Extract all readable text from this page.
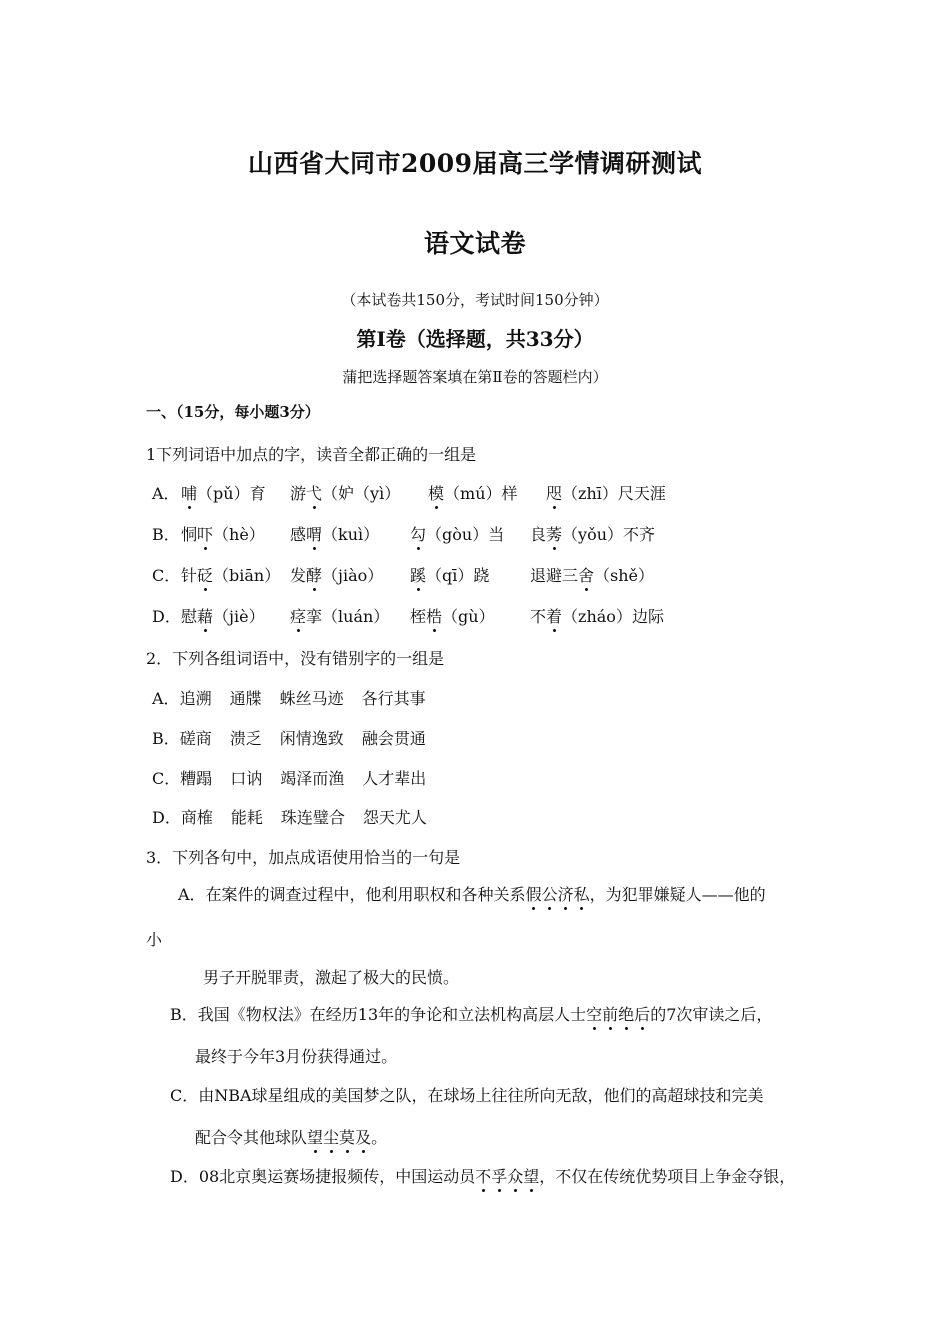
山西省大同市2009届高三学情调研测试
语文试卷
（本试卷共150分，考试时间150分钟）
第Ⅰ卷（选择题，共33分）
蒲把选择题答案填在第Ⅱ卷的答题栏内）
一、（15分，每小题3分）
1下列词语中加点的字，读音全都正确的一组是
A． 哺（pǔ）育 游弋（妒（yì） 模（mú）样 咫（zhī）尺天涯
B． 恫吓（hè） 感喟（kuì） 勾（gòu）当 良莠（yǒu）不齐
C． 针砭（biān） 发酵（jiào） 蹊（qī）跷	退避三舍（shě）
D． 慰藉（jiè） 痉挛（luán） 桎梏（gù） 不着（zháo）边际
2．下列各组词语中，没有错别字的一组是
A．追溯 通牒 蛛丝马迹 各行其事
B．磋商 溃乏 闲情逸致 融会贯通
C．糟蹋 口讷 竭泽而渔 人才辈出
D．商榷 能耗 珠连璧合 怨天尤人
3．下列各句中，加点成语使用恰当的一句是
A．在案件的调查过程中，他利用职权和各种关系假公济私，为犯罪嫌疑人——他的
小
男子开脱罪责，激起了极大的民愤。
B．我国《物权法》在经历13年的争论和立法机构高层人士空前绝后的7次审读之后，
最终于今年3月份获得通过。
C．由NBA球星组成的美国梦之队，在球场上往往所向无敌，他们的高超球技和完美
配合令其他球队望尘莫及。
D．08北京奥运赛场捷报频传，中国运动员不孚众望，不仅在传统优势项目上争金夺银，
